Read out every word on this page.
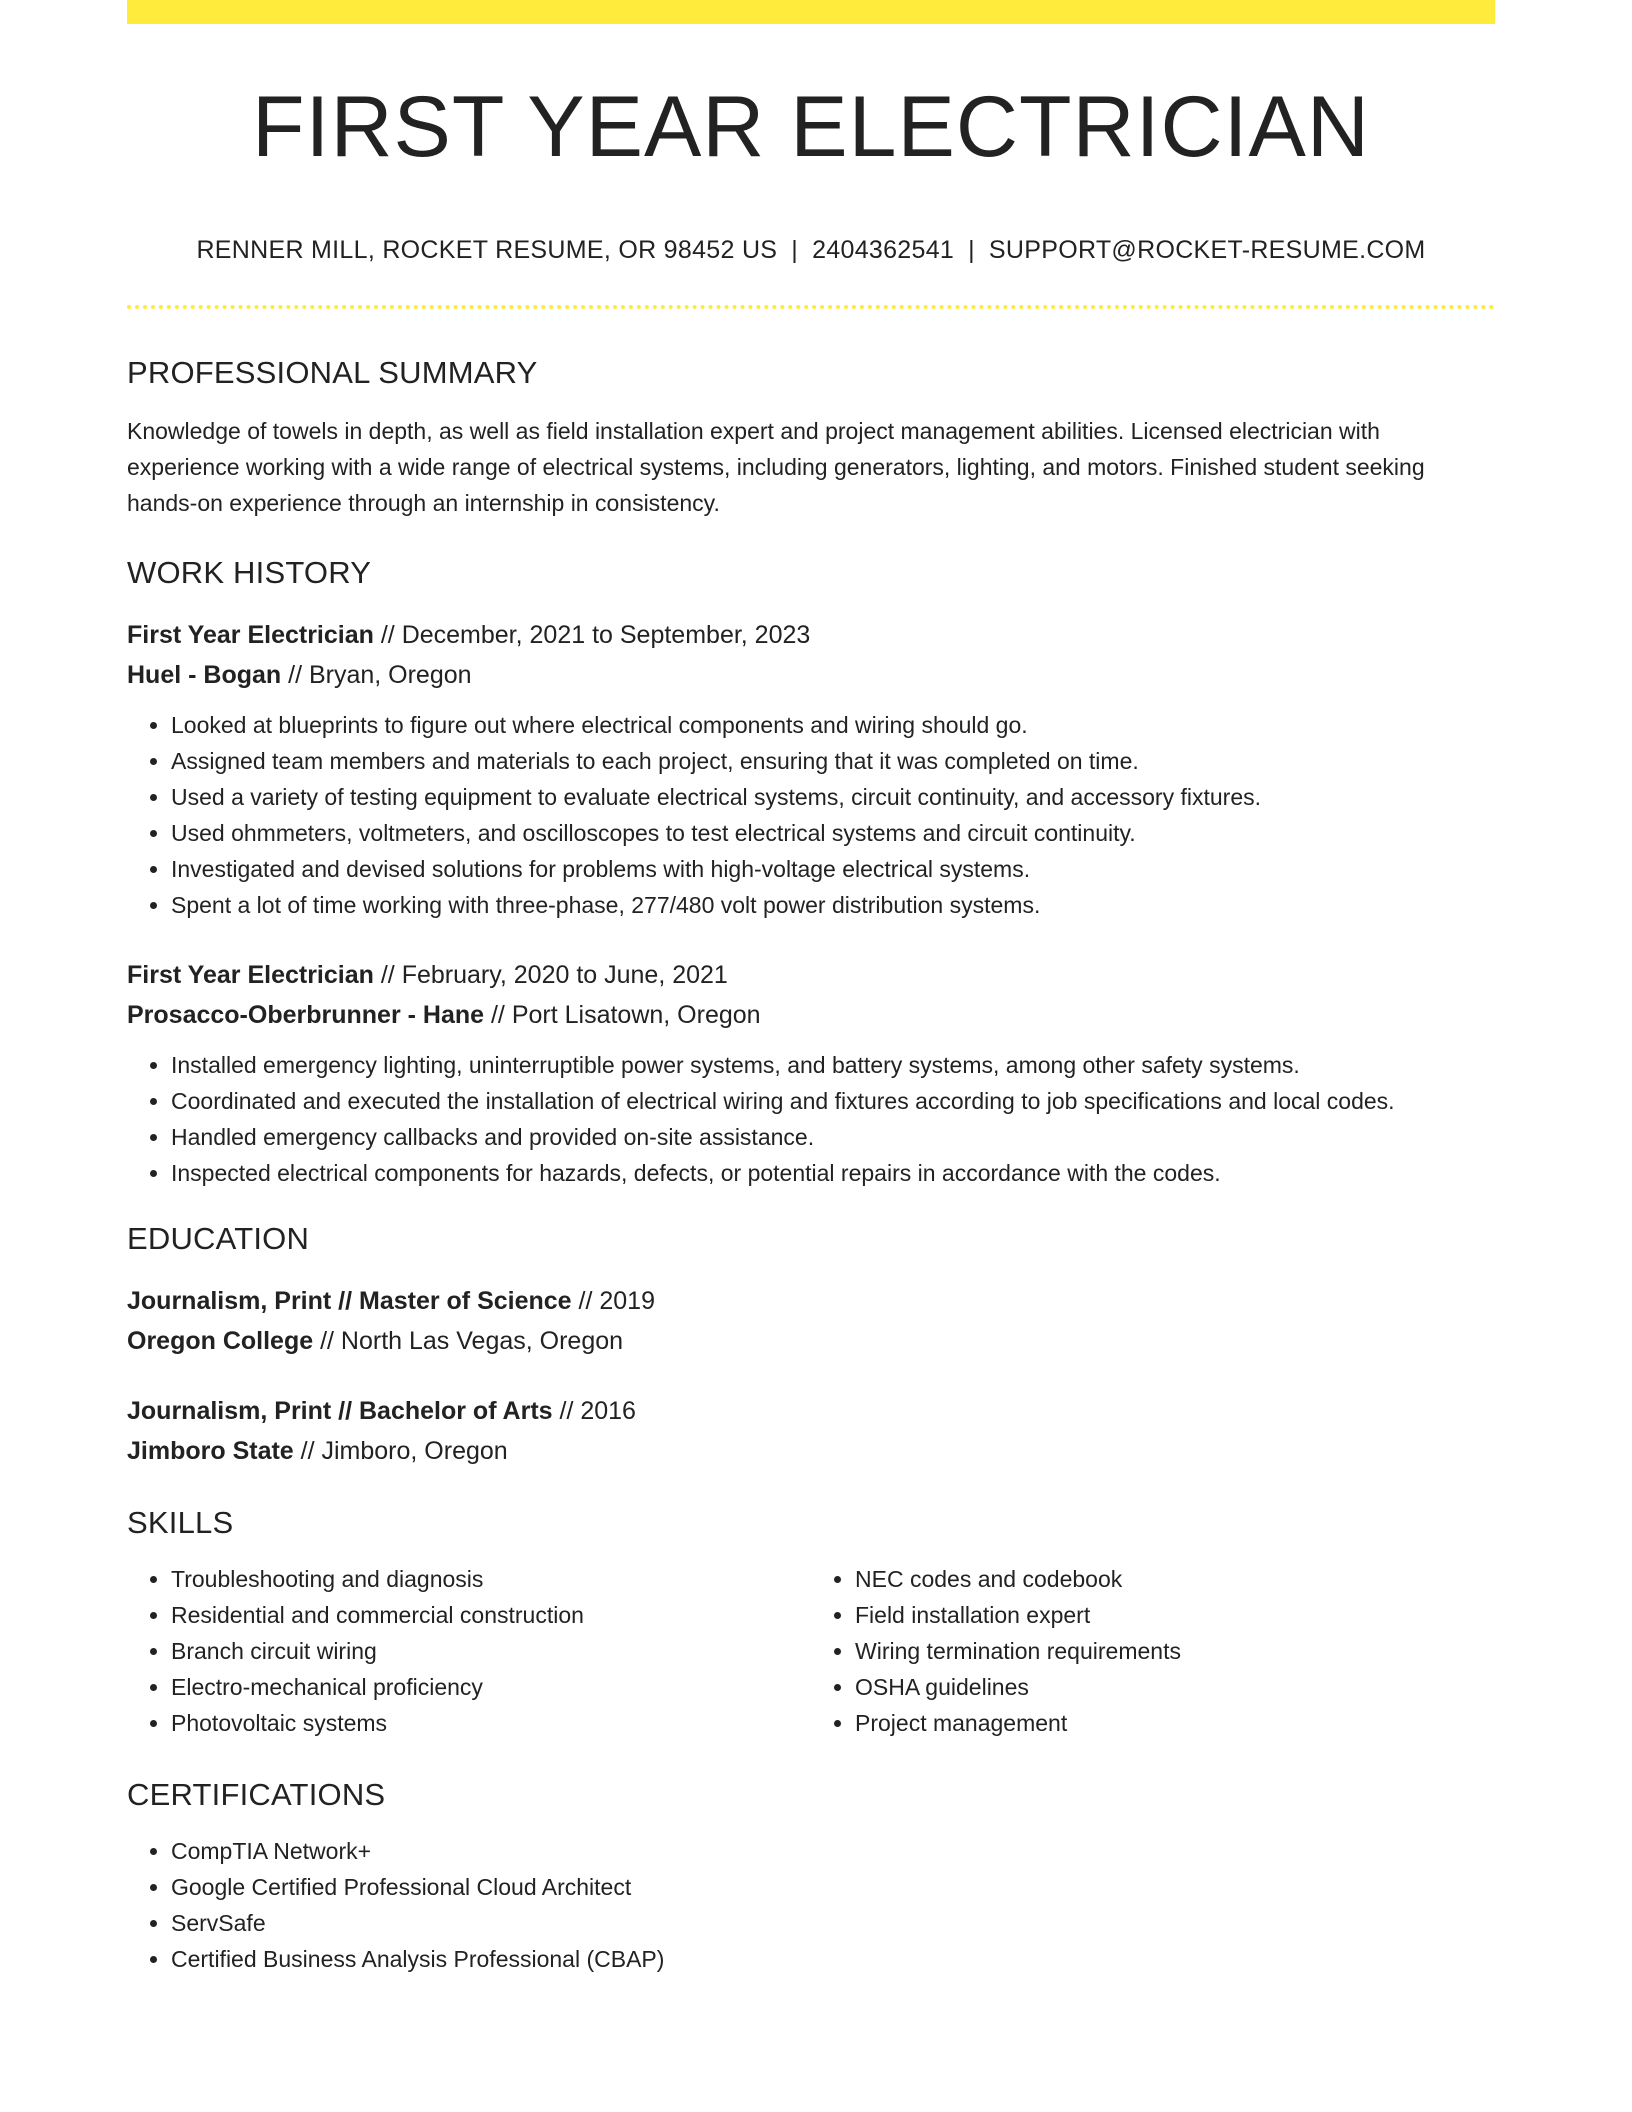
FIRST YEAR ELECTRICIAN
RENNER MILL, ROCKET RESUME, OR 98452 US | 2404362541 | SUPPORT@ROCKET-RESUME.COM
PROFESSIONAL SUMMARY
Knowledge of towels in depth, as well as field installation expert and project management abilities. Licensed electrician with experience working with a wide range of electrical systems, including generators, lighting, and motors. Finished student seeking hands-on experience through an internship in consistency.
WORK HISTORY
First Year Electrician // December, 2021 to September, 2023
Huel - Bogan // Bryan, Oregon
• Looked at blueprints to figure out where electrical components and wiring should go.
• Assigned team members and materials to each project, ensuring that it was completed on time.
• Used a variety of testing equipment to evaluate electrical systems, circuit continuity, and accessory fixtures.
• Used ohmmeters, voltmeters, and oscilloscopes to test electrical systems and circuit continuity.
• Investigated and devised solutions for problems with high-voltage electrical systems.
• Spent a lot of time working with three-phase, 277/480 volt power distribution systems.
First Year Electrician // February, 2020 to June, 2021
Prosacco-Oberbrunner - Hane // Port Lisatown, Oregon
• Installed emergency lighting, uninterruptible power systems, and battery systems, among other safety systems.
• Coordinated and executed the installation of electrical wiring and fixtures according to job specifications and local codes.
• Handled emergency callbacks and provided on-site assistance.
• Inspected electrical components for hazards, defects, or potential repairs in accordance with the codes.
EDUCATION
Journalism, Print // Master of Science // 2019
Oregon College // North Las Vegas, Oregon
Journalism, Print // Bachelor of Arts // 2016
Jimboro State // Jimboro, Oregon
SKILLS
• Troubleshooting and diagnosis
• Residential and commercial construction
• Branch circuit wiring
• Electro-mechanical proficiency
• Photovoltaic systems
• NEC codes and codebook
• Field installation expert
• Wiring termination requirements
• OSHA guidelines
• Project management
CERTIFICATIONS
• CompTIA Network+
• Google Certified Professional Cloud Architect
• ServSafe
• Certified Business Analysis Professional (CBAP)
